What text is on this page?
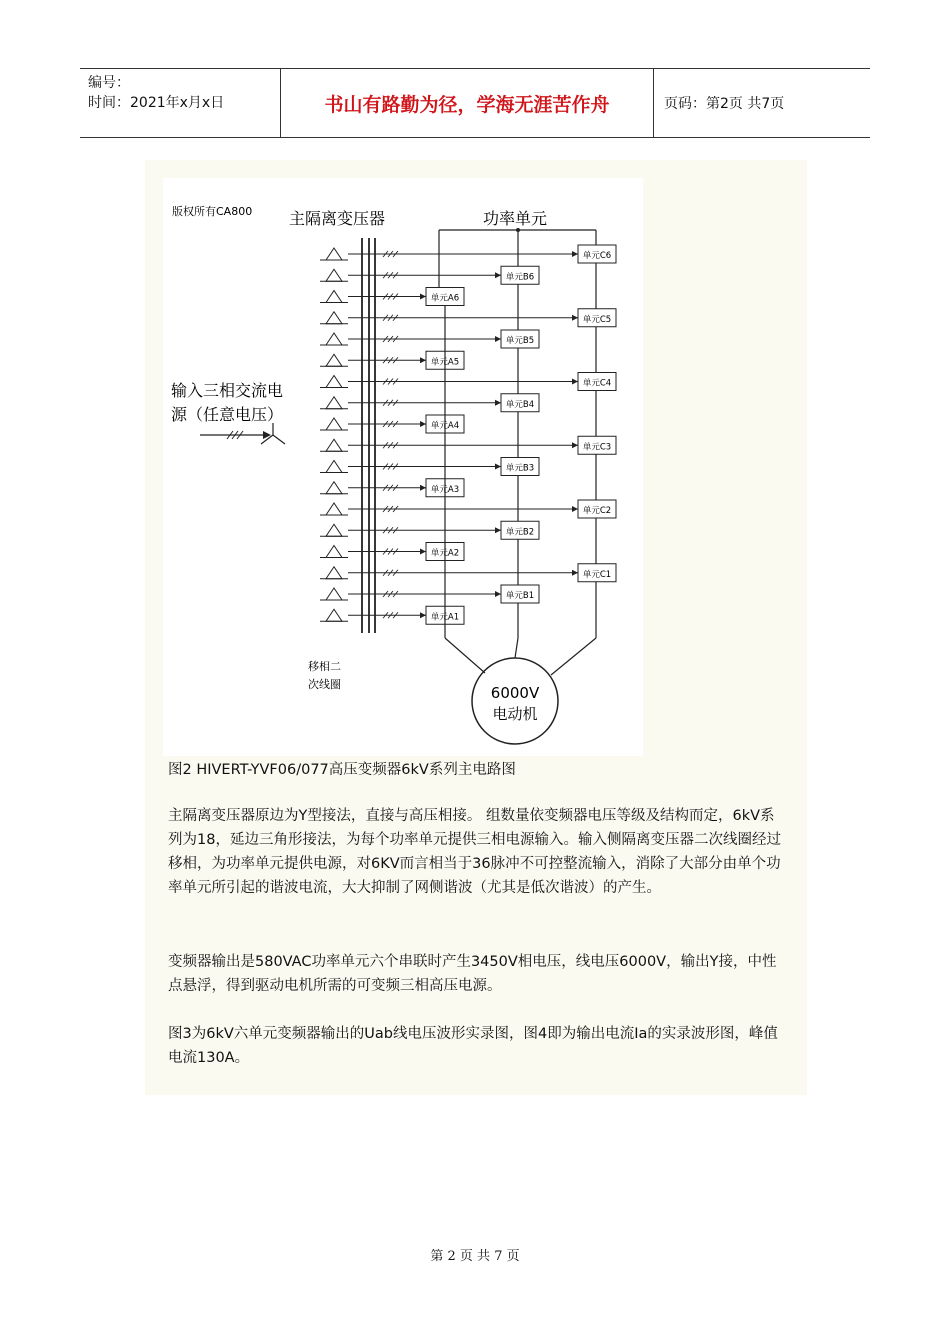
编号：
时间：2021年x月x日	书山有路勤为径，学海无涯苦作舟	页码：第2页 共7页
版权所有CA800 主隔离变压器	功率单元
输入三相交流电
源（任意电压）
移相二
次线圈
单元C6
单元B6
单元A6
单元C5
单元B5
单元A5
单元C4
单元B4
单元A4
单元C3
单元B3
单元A3
单元C2
单元B2
单元A2
单元C1
单元B1
单元A1
6000V
电动机
图2 HIVERT-YVF06/077高压变频器6kV系列主电路图
主隔离变压器原边为Y型接法，直接与高压相接。 组数量依变频器电压等级及结构而定，6kV系列为18，延边三角形接法，为每个功率单元提供三相电源输入。输入侧隔离变压器二次线圈经过移相，为功率单元提供电源，对6KV而言相当于36脉冲不可控整流输入，消除了大部分由单个功率单元所引起的谐波电流，大大抑制了网侧谐波（尤其是低次谐波）的产生。
变频器输出是580VAC功率单元六个串联时产生3450V相电压，线电压6000V，输出Y接，中性点悬浮，得到驱动电机所需的可变频三相高压电源。
图3为6kV六单元变频器输出的Uab线电压波形实录图，图4即为输出电流Ia的实录波形图，峰值电流130A。
第 2 页 共 7 页
